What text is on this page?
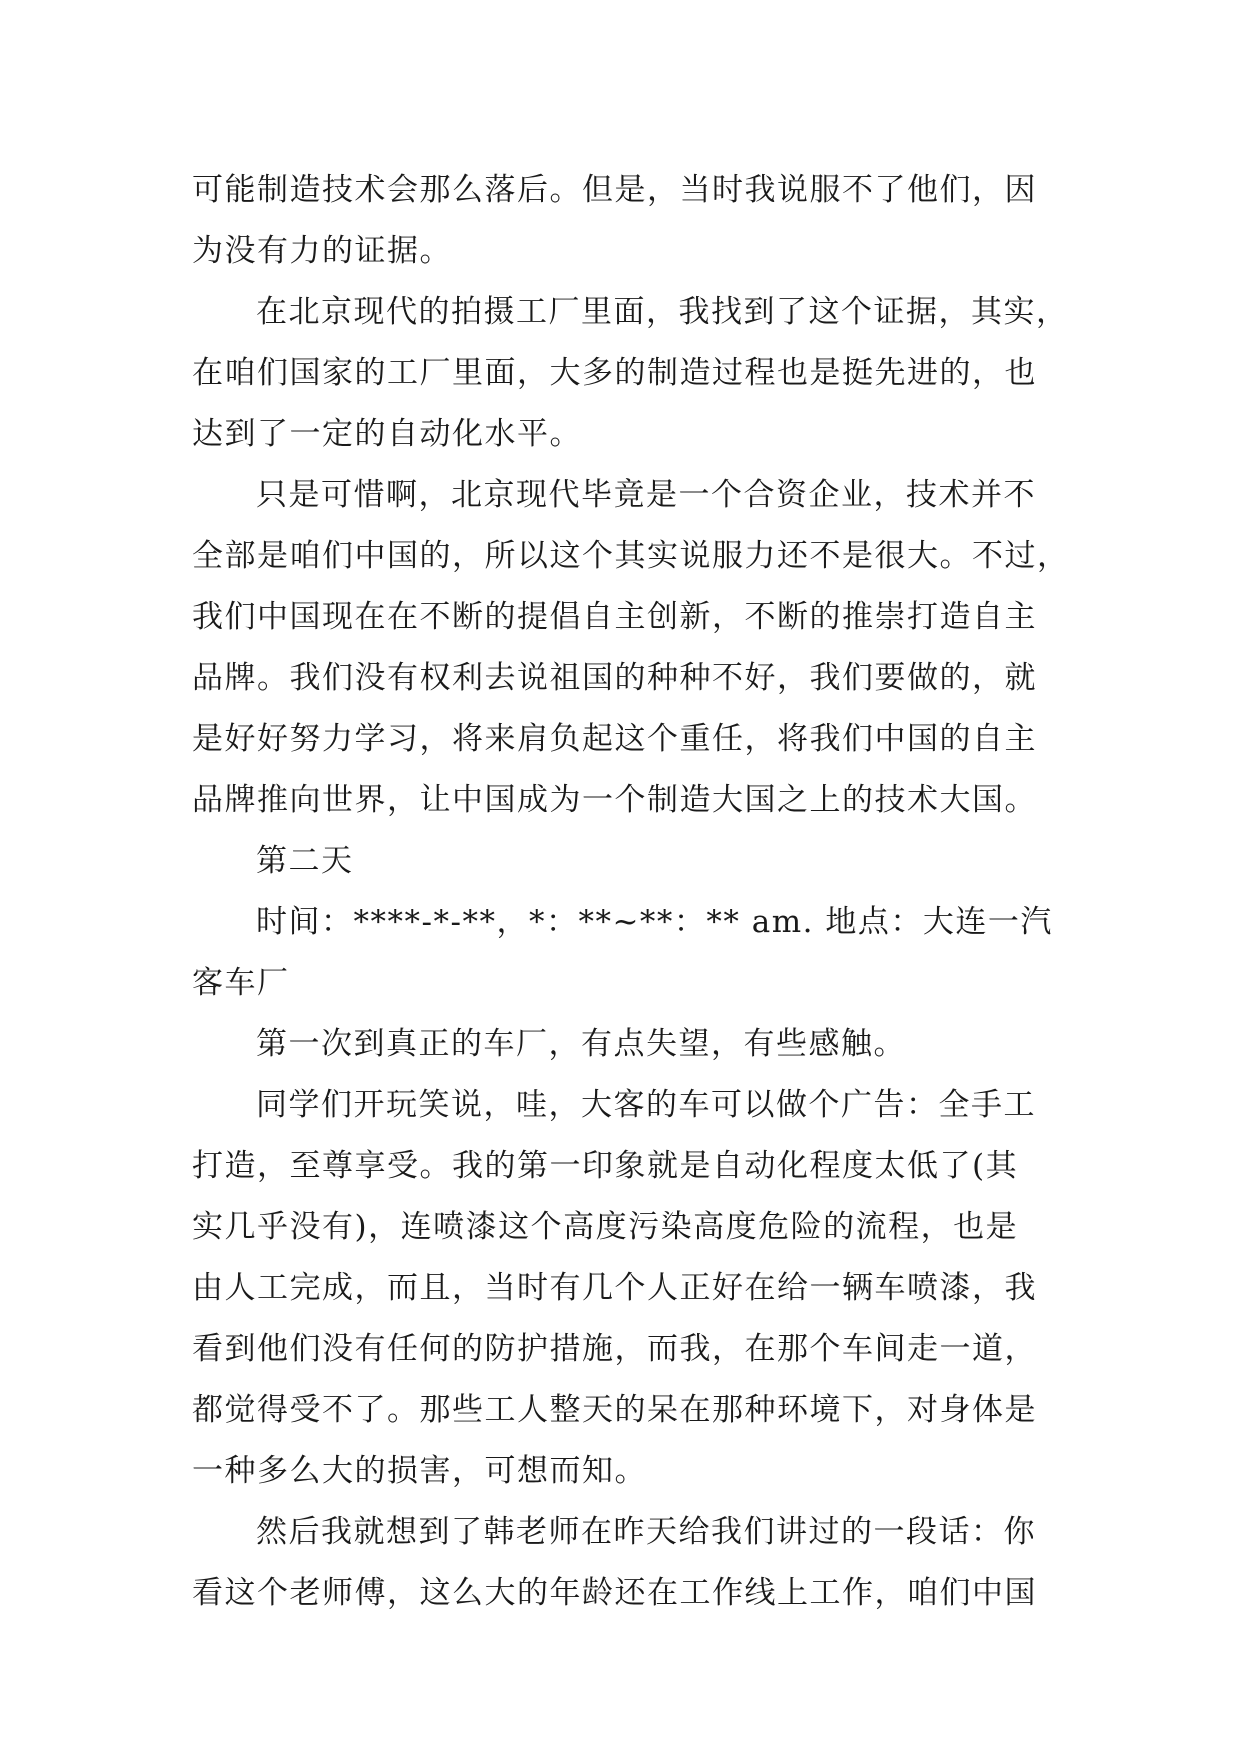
可能制造技术会那么落后。但是，当时我说服不了他们，因
为没有力的证据。
在北京现代的拍摄工厂里面，我找到了这个证据，其实，
在咱们国家的工厂里面，大多的制造过程也是挺先进的，也
达到了一定的自动化水平。
只是可惜啊，北京现代毕竟是一个合资企业，技术并不
全部是咱们中国的，所以这个其实说服力还不是很大。不过，
我们中国现在在不断的提倡自主创新，不断的推崇打造自主
品牌。我们没有权利去说祖国的种种不好，我们要做的，就
是好好努力学习，将来肩负起这个重任，将我们中国的自主
品牌推向世界，让中国成为一个制造大国之上的技术大国。
第二天
时间：****-*-**，*：**~**：** am. 地点：大连一汽
客车厂
第一次到真正的车厂，有点失望，有些感触。
同学们开玩笑说，哇，大客的车可以做个广告：全手工
打造，至尊享受。我的第一印象就是自动化程度太低了(其
实几乎没有)，连喷漆这个高度污染高度危险的流程，也是
由人工完成，而且，当时有几个人正好在给一辆车喷漆，我
看到他们没有任何的防护措施，而我，在那个车间走一道，
都觉得受不了。那些工人整天的呆在那种环境下，对身体是
一种多么大的损害，可想而知。
然后我就想到了韩老师在昨天给我们讲过的一段话：你
看这个老师傅，这么大的年龄还在工作线上工作，咱们中国
